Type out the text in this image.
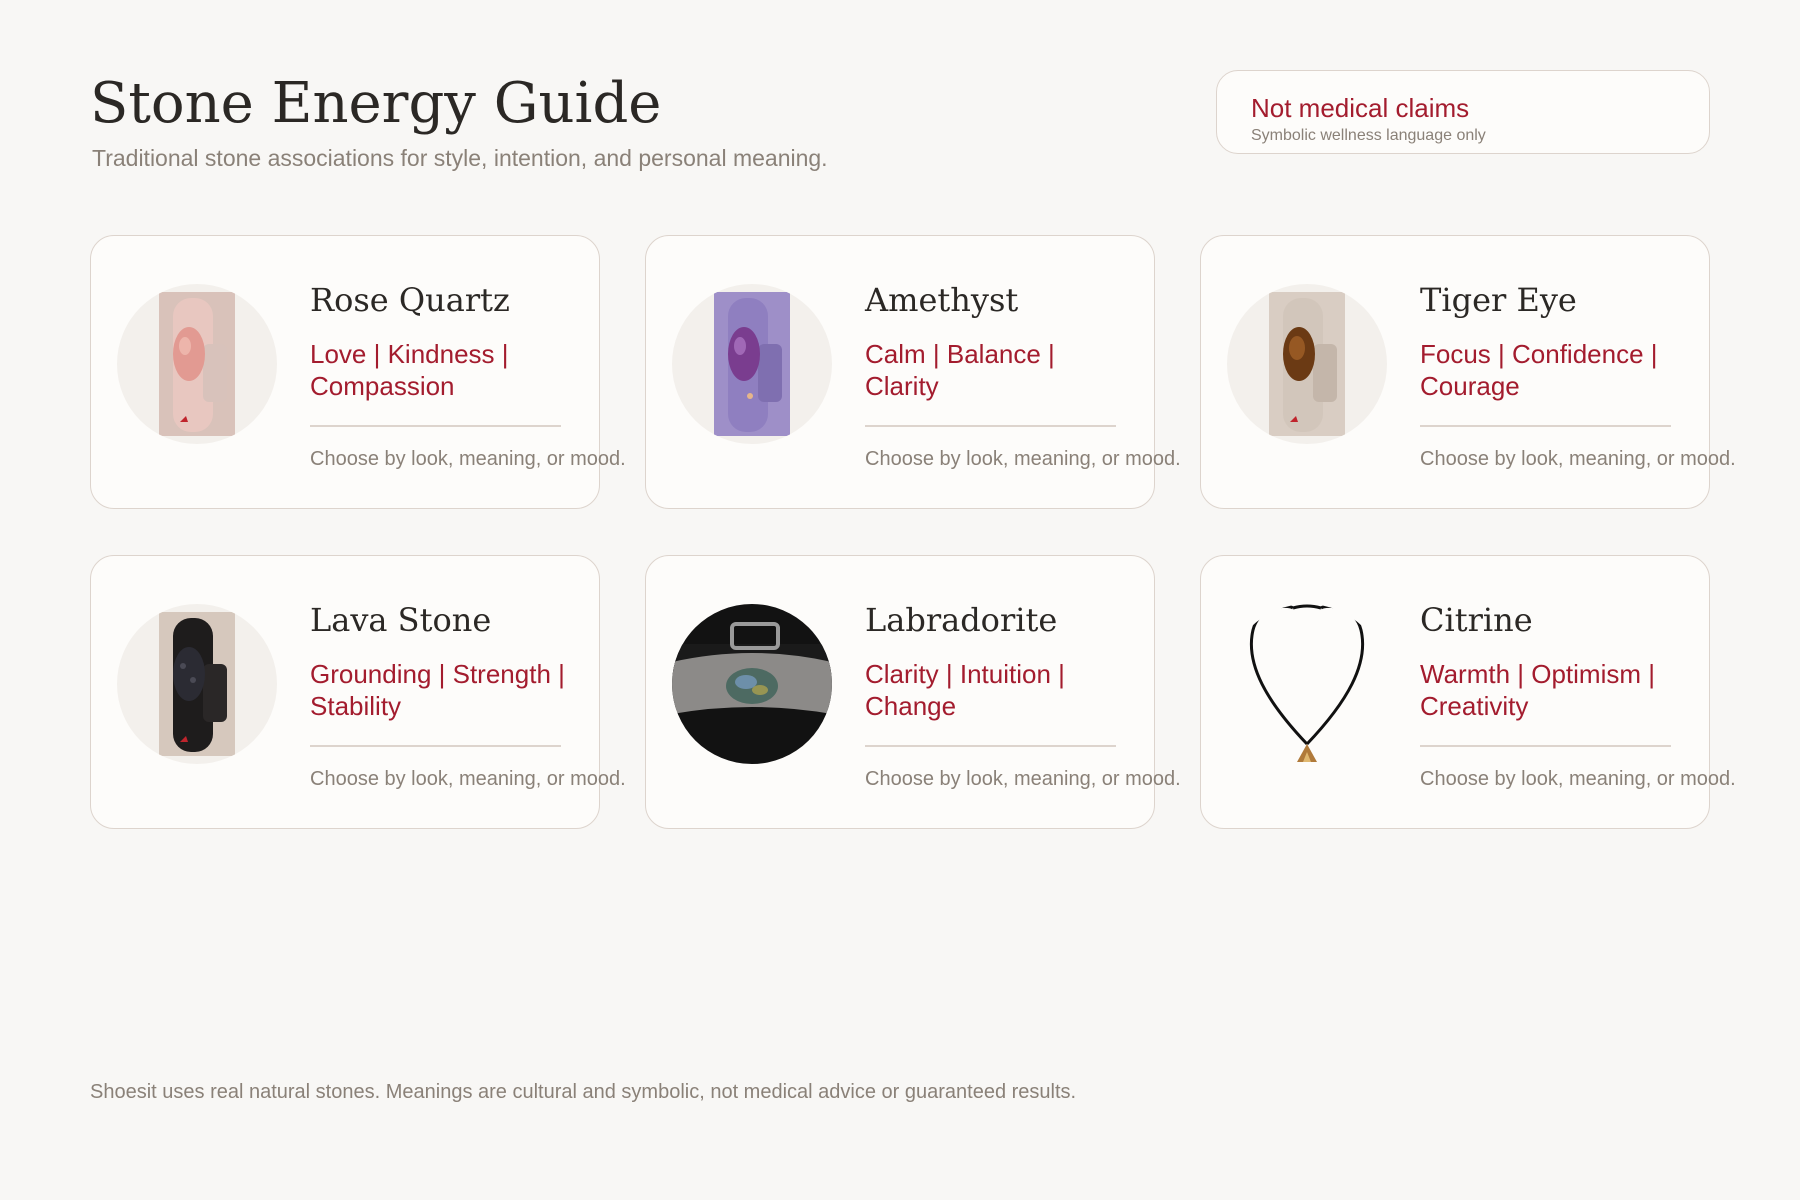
Stone Energy Guide

Traditional stone associations for style, intention, and personal meaning.

Not medical claims
Symbolic wellness language only
Rose Quartz
Love | Kindness | Compassion
Choose by look, meaning, or mood.
Amethyst
Calm | Balance | Clarity
Choose by look, meaning, or mood.
Tiger Eye
Focus | Confidence | Courage
Choose by look, meaning, or mood.
Lava Stone
Grounding | Strength | Stability
Choose by look, meaning, or mood.
Labradorite
Clarity | Intuition | Change
Choose by look, meaning, or mood.
Citrine
Warmth | Optimism | Creativity
Choose by look, meaning, or mood.

Shoesit uses real natural stones. Meanings are cultural and symbolic, not medical advice or guaranteed results.
